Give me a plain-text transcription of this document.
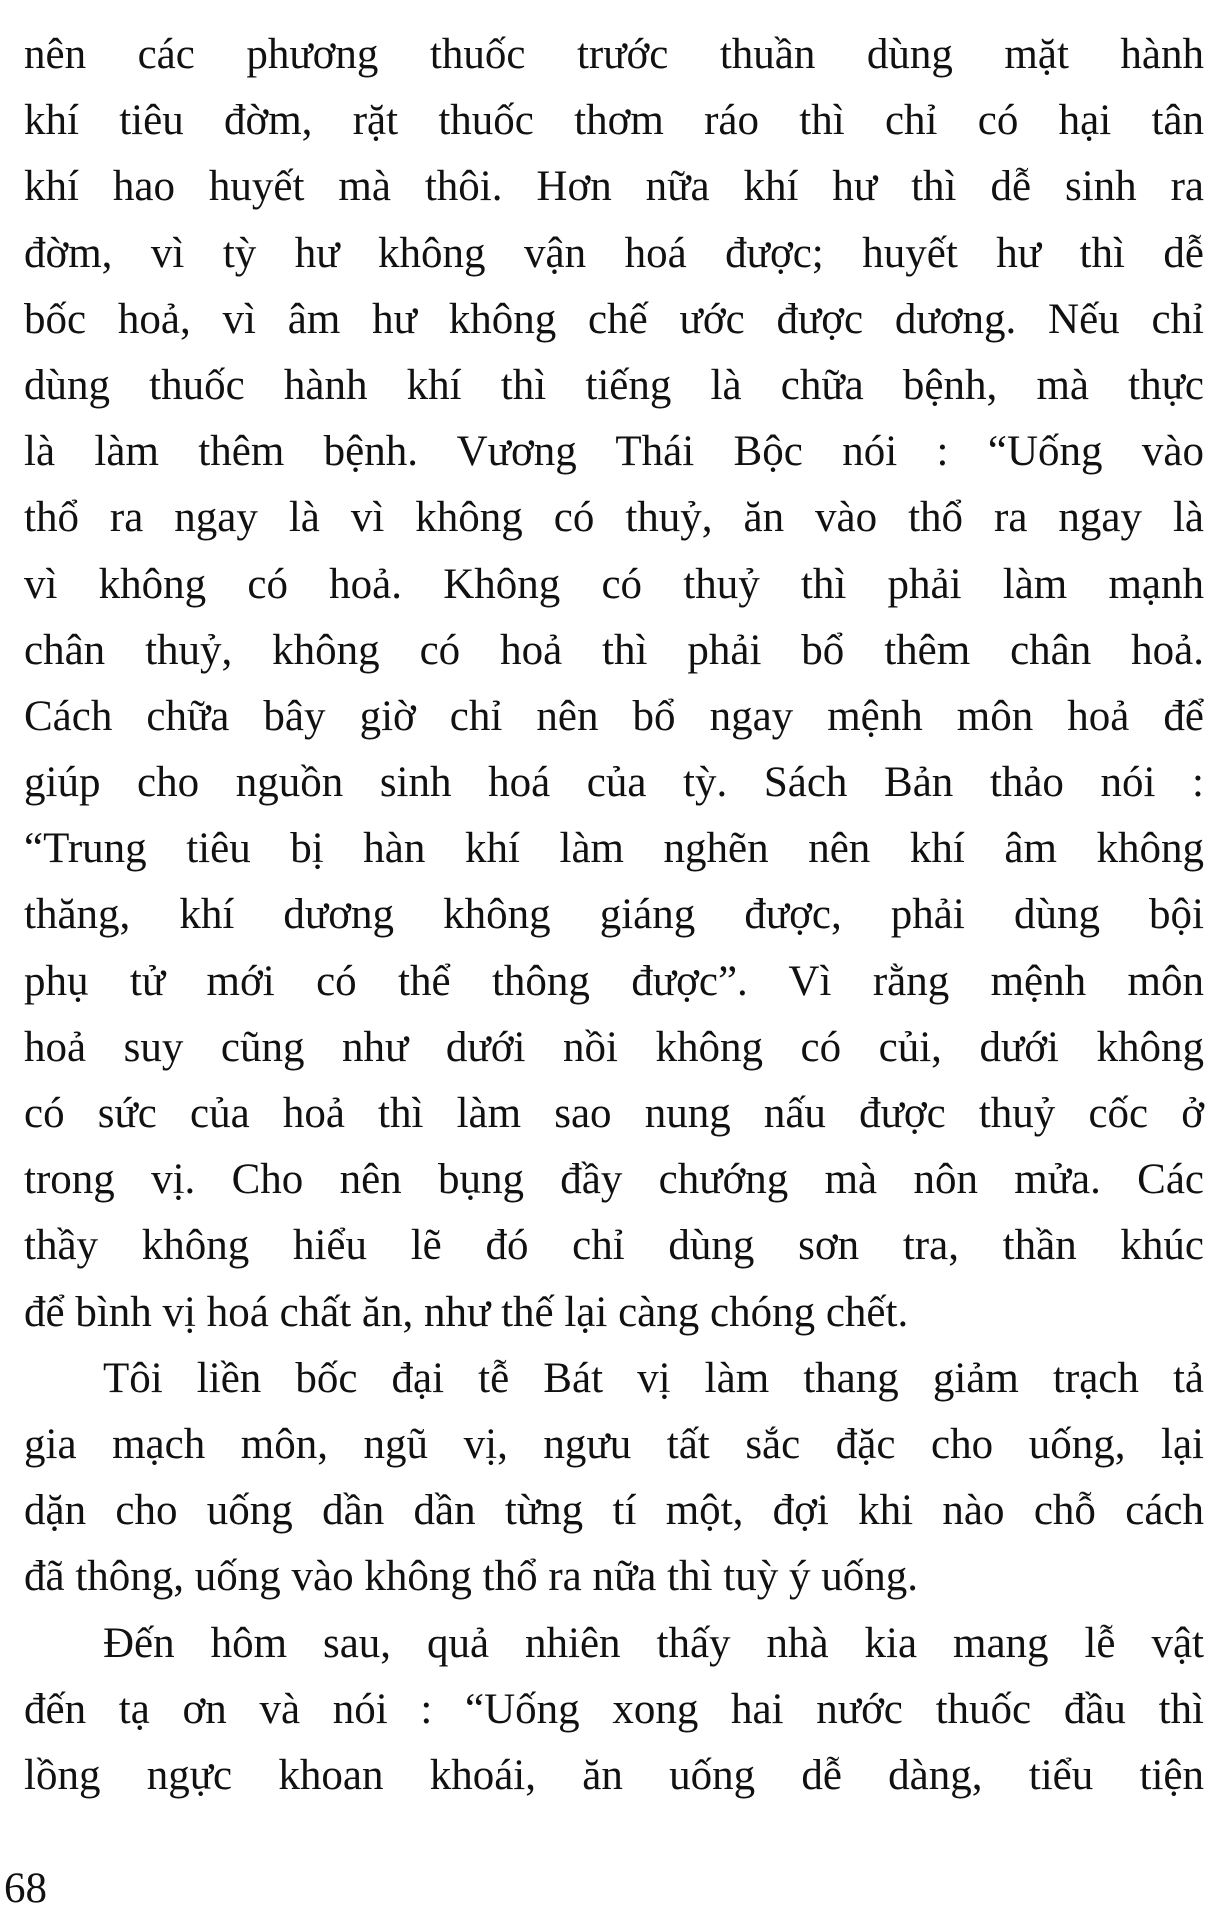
nên các phương thuốc trước thuần dùng mặt hành
khí tiêu đờm, rặt thuốc thơm ráo thì chỉ có hại tân
khí hao huyết mà thôi. Hơn nữa khí hư thì dễ sinh ra
đờm, vì tỳ hư không vận hoá được; huyết hư thì dễ
bốc hoả, vì âm hư không chế ước được dương. Nếu chỉ
dùng thuốc hành khí thì tiếng là chữa bệnh, mà thực
là làm thêm bệnh. Vương Thái Bộc nói : “Uống vào
thổ ra ngay là vì không có thuỷ, ăn vào thổ ra ngay là
vì không có hoả. Không có thuỷ thì phải làm mạnh
chân thuỷ, không có hoả thì phải bổ thêm chân hoả.
Cách chữa bây giờ chỉ nên bổ ngay mệnh môn hoả để
giúp cho nguồn sinh hoá của tỳ. Sách Bản thảo nói :
“Trung tiêu bị hàn khí làm nghẽn nên khí âm không
thăng, khí dương không giáng được, phải dùng bội
phụ tử mới có thể thông được”. Vì rằng mệnh môn
hoả suy cũng như dưới nồi không có củi, dưới không
có sức của hoả thì làm sao nung nấu được thuỷ cốc ở
trong vị. Cho nên bụng đầy chướng mà nôn mửa. Các
thầy không hiểu lẽ đó chỉ dùng sơn tra, thần khúc
để bình vị hoá chất ăn, như thế lại càng chóng chết.
Tôi liền bốc đại tễ Bát vị làm thang giảm trạch tả
gia mạch môn, ngũ vị, ngưu tất sắc đặc cho uống, lại
dặn cho uống dần dần từng tí một, đợi khi nào chỗ cách
đã thông, uống vào không thổ ra nữa thì tuỳ ý uống.
Đến hôm sau, quả nhiên thấy nhà kia mang lễ vật
đến tạ ơn và nói : “Uống xong hai nước thuốc đầu thì
lồng ngực khoan khoái, ăn uống dễ dàng, tiểu tiện
68
